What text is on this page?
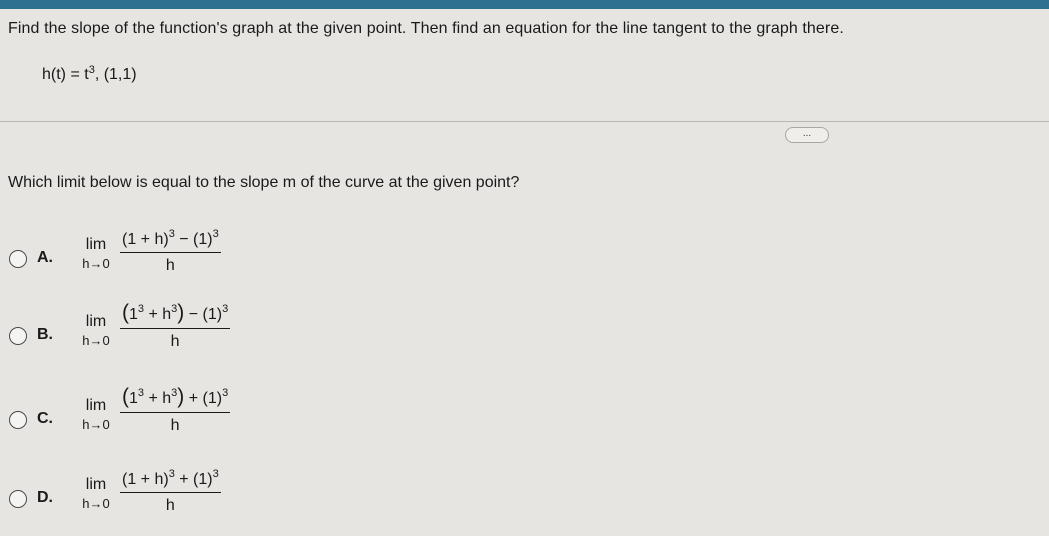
Find the slope of the function's graph at the given point. Then find an equation for the line tangent to the graph there.
$h(t) = t^3$, (1,1)
...
Which limit below is equal to the slope m of the curve at the given point?
A.
lim
$h\to 0 \frac{(1 + h)^3 - (1)^3}{h}$
B.
lim
$h\to 0 \frac{(1^3 + h^3) - (1)^3}{h}$
C.
lim
$h\to 0 \frac{(1^3 + h^3) + (1)^3}{h}$
D.
lim
$h\to 0 \frac{(1 + h)^3 + (1)^3}{h}$
